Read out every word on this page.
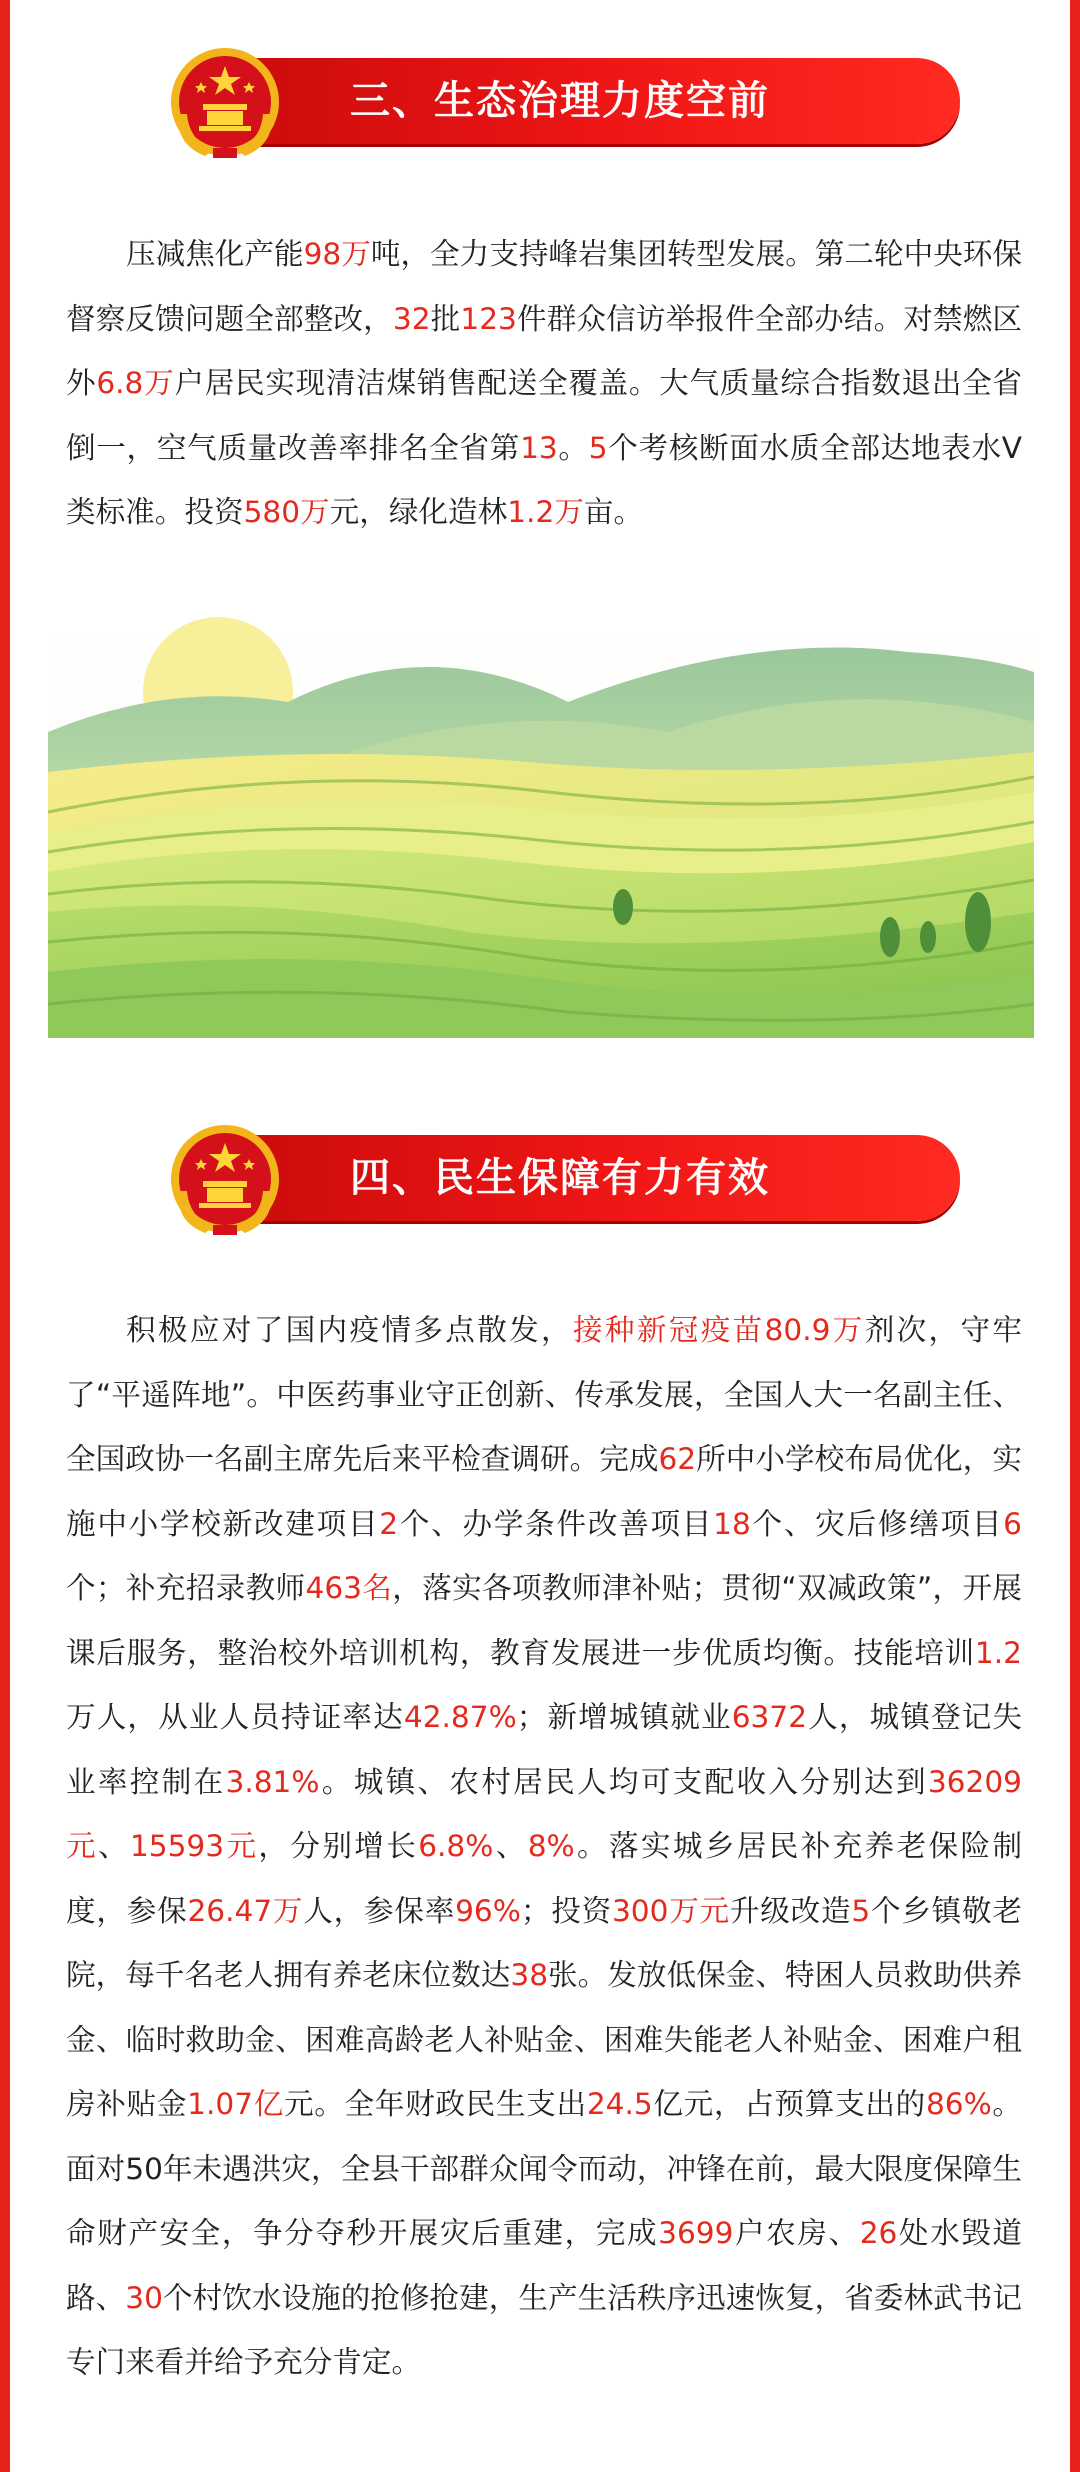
三、生态治理力度空前
压减焦化产能98万吨，全力支持峰岩集团转型发展。第二轮中央环保督察反馈问题全部整改，32批123件群众信访举报件全部办结。对禁燃区外6.8万户居民实现清洁煤销售配送全覆盖。大气质量综合指数退出全省倒一，空气质量改善率排名全省第13。5个考核断面水质全部达地表水V类标准。投资580万元，绿化造林1.2万亩。
四、民生保障有力有效
积极应对了国内疫情多点散发，接种新冠疫苗80.9万剂次，守牢了“平遥阵地”。中医药事业守正创新、传承发展，全国人大一名副主任、全国政协一名副主席先后来平检查调研。完成62所中小学校布局优化，实施中小学校新改建项目2个、办学条件改善项目18个、灾后修缮项目6个；补充招录教师463名，落实各项教师津补贴；贯彻“双减政策”，开展课后服务，整治校外培训机构，教育发展进一步优质均衡。技能培训1.2万人，从业人员持证率达42.87%；新增城镇就业6372人，城镇登记失业率控制在3.81%。城镇、农村居民人均可支配收入分别达到36209元、15593元，分别增长6.8%、8%。落实城乡居民补充养老保险制度，参保26.47万人，参保率96%；投资300万元升级改造5个乡镇敬老院，每千名老人拥有养老床位数达38张。发放低保金、特困人员救助供养金、临时救助金、困难高龄老人补贴金、困难失能老人补贴金、困难户租房补贴金1.07亿元。全年财政民生支出24.5亿元，占预算支出的86%。面对50年未遇洪灾，全县干部群众闻令而动，冲锋在前，最大限度保障生命财产安全，争分夺秒开展灾后重建，完成3699户农房、26处水毁道路、30个村饮水设施的抢修抢建，生产生活秩序迅速恢复，省委林武书记专门来看并给予充分肯定。
